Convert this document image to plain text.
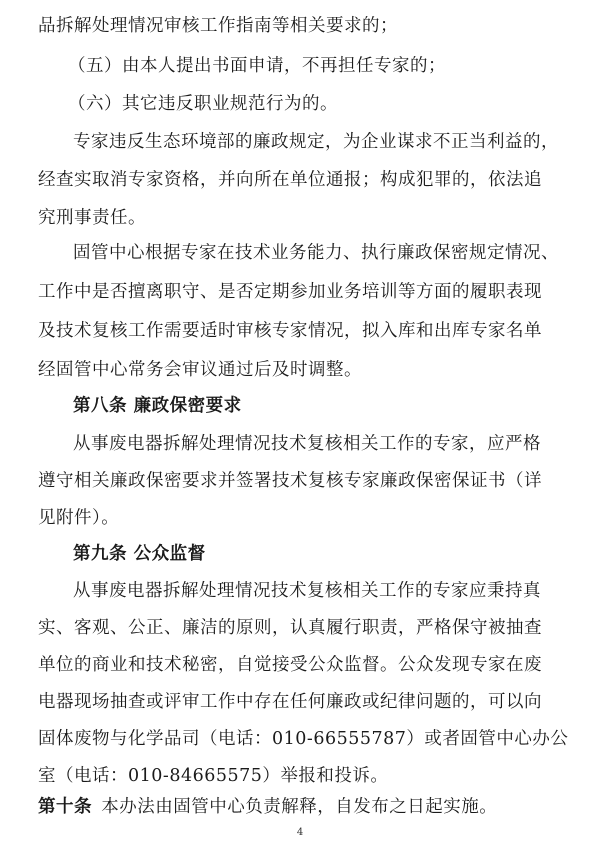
品拆解处理情况审核工作指南等相关要求的；
（五）由本人提出书面申请，不再担任专家的；
（六）其它违反职业规范行为的。
专家违反生态环境部的廉政规定，为企业谋求不正当利益的，
经查实取消专家资格，并向所在单位通报；构成犯罪的，依法追
究刑事责任。
固管中心根据专家在技术业务能力、执行廉政保密规定情况、
工作中是否擅离职守、是否定期参加业务培训等方面的履职表现
及技术复核工作需要适时审核专家情况，拟入库和出库专家名单
经固管中心常务会审议通过后及时调整。
第八条 廉政保密要求
从事废电器拆解处理情况技术复核相关工作的专家，应严格
遵守相关廉政保密要求并签署技术复核专家廉政保密保证书（详
见附件）。
第九条 公众监督
从事废电器拆解处理情况技术复核相关工作的专家应秉持真
实、客观、公正、廉洁的原则，认真履行职责，严格保守被抽查
单位的商业和技术秘密，自觉接受公众监督。公众发现专家在废
电器现场抽查或评审工作中存在任何廉政或纪律问题的，可以向
固体废物与化学品司（电话：010-66555787）或者固管中心办公
室（电话：010-84665575）举报和投诉。
4
第十条  本办法由固管中心负责解释，自发布之日起实施。
